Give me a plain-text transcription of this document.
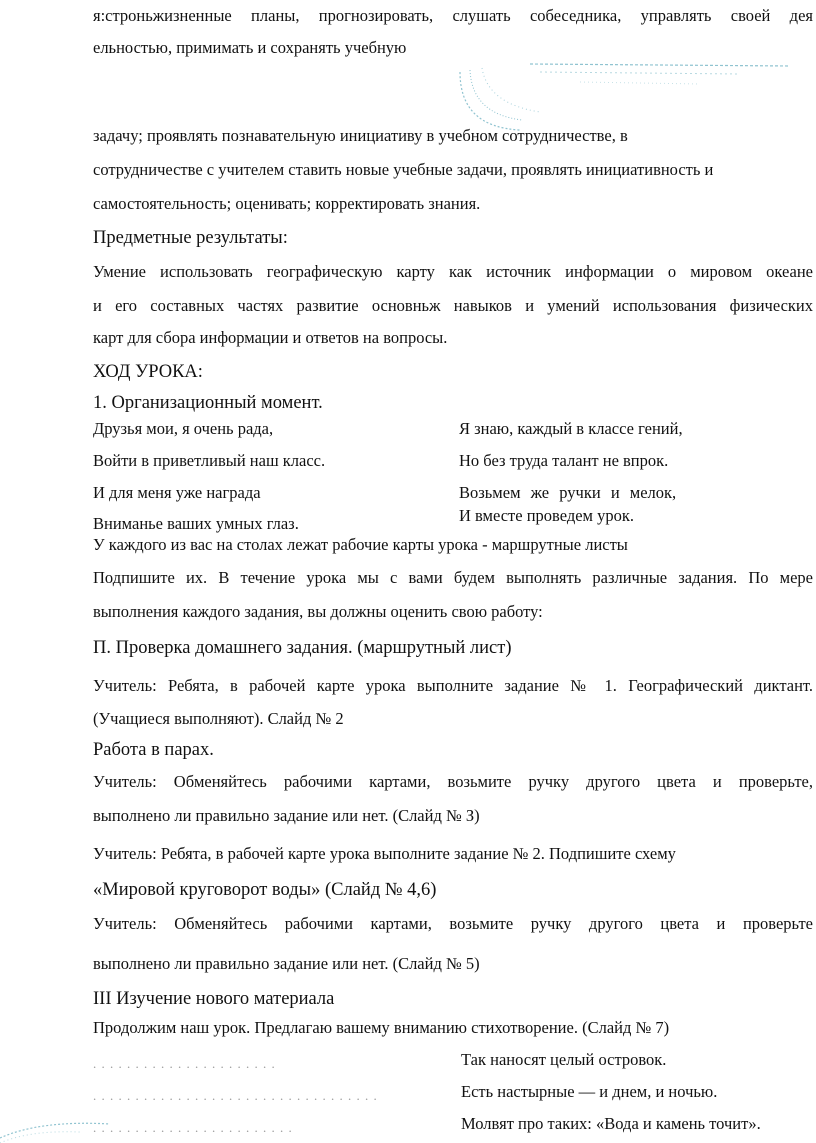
я:строньжизненные планы, прогнозировать, слушать собеседника, управлять своей дея
ельностью, примимать и сохранять учебную
задачу; проявлять познавательную инициативу в учебном сотрудничестве, в
сотрудничестве с учителем ставить новые учебные задачи, проявлять инициативность и
самостоятельность; оценивать; корректировать знания.
Предметные результаты:
Умение использовать географическую карту как источник информации о мировом океане
и его составных частях развитие основньж навыков и умений использования физических
карт для сбора информации и ответов на вопросы.
ХОД УРОКА:
1. Организационный момент.
Друзья мои, я очень рада,
Войти в приветливый наш класс.
И для меня уже награда
Вниманье ваших умных глаз.
Я знаю, каждый в классе гений,
Но без труда талант не впрок.
Возьмем же ручки и мелок,
И вместе проведем урок.
У каждого из вас на столах лежат рабочие карты урока - маршрутные листы
Подпишите их. В течение урока мы с вами будем выполнять различные задания. По мере
выполнения каждого задания, вы должны оценить свою работу:
П. Проверка домашнего задания. (маршрутный лист)
Учитель: Ребята, в рабочей карте урока выполните задание № 1. Географический диктант.
(Учащиеся выполняют). Слайд № 2
Работа в парах.
Учитель: Обменяйтесь рабочими картами, возьмите ручку другого цвета и проверьте,
выполнено ли правильно задание или нет. (Слайд № З)
Учитель: Ребята, в рабочей карте урока выполните задание № 2. Подпишите схему
«Мировой круговорот воды» (Слайд № 4,6)
Учитель: Обменяйтесь рабочими картами, возьмите ручку другого цвета и проверьте
выполнено ли правильно задание или нет. (Слайд № 5)
III Изучение нового материала
Продолжим наш урок. Предлагаю вашему вниманию стихотворение. (Слайд № 7)
. . . . . . . . . . . . . . . . . . . . . .
. . . . . . . . . . . . . . . . . . . . . . . . . . . . . . . . . .
. . . . . . . . . . . . . . . . . . . . . . . .
Так наносят целый островок.
Есть настырные — и днем, и ночью.
Молвят про таких: «Вода и камень точит».
